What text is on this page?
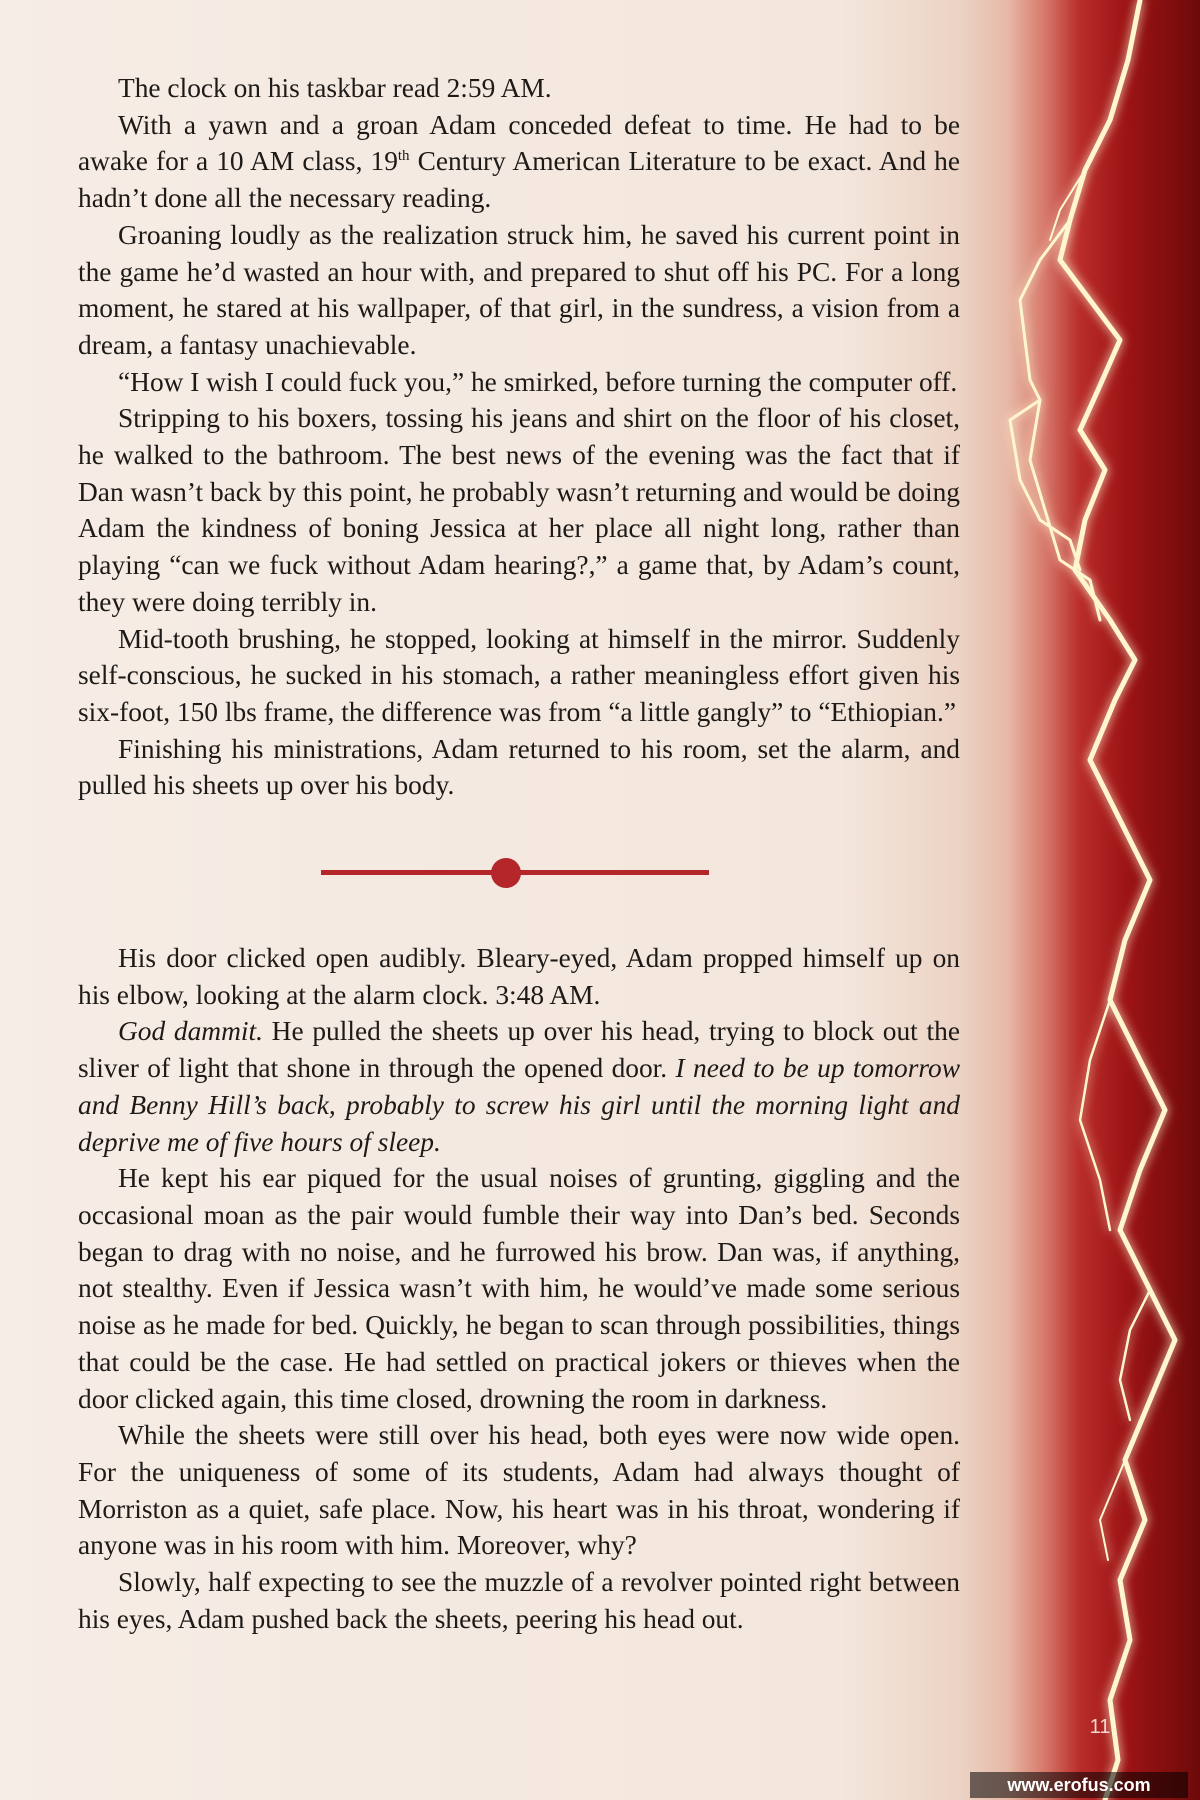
The clock on his taskbar read 2:59 AM.

With a yawn and a groan Adam conceded defeat to time. He had to be awake for a 10 AM class, 19th Century American Literature to be exact. And he hadn’t done all the necessary reading.

Groaning loudly as the realization struck him, he saved his current point in the game he’d wasted an hour with, and prepared to shut off his PC. For a long moment, he stared at his wallpaper, of that girl, in the sundress, a vision from a dream, a fantasy unachievable.

“How I wish I could fuck you,” he smirked, before turning the computer off.

Stripping to his boxers, tossing his jeans and shirt on the floor of his closet, he walked to the bathroom. The best news of the evening was the fact that if Dan wasn’t back by this point, he probably wasn’t returning and would be doing Adam the kindness of boning Jessica at her place all night long, rather than playing “can we fuck without Adam hearing?,” a game that, by Adam’s count, they were doing terribly in.

Mid-tooth brushing, he stopped, looking at himself in the mirror. Suddenly self-conscious, he sucked in his stomach, a rather meaningless effort given his six-foot, 150 lbs frame, the difference was from “a little gangly” to “Ethiopian.”

Finishing his ministrations, Adam returned to his room, set the alarm, and pulled his sheets up over his body.

His door clicked open audibly. Bleary-eyed, Adam propped himself up on his elbow, looking at the alarm clock. 3:48 AM.

God dammit. He pulled the sheets up over his head, trying to block out the sliver of light that shone in through the opened door. I need to be up tomorrow and Benny Hill’s back, probably to screw his girl until the morning light and deprive me of five hours of sleep.

He kept his ear piqued for the usual noises of grunting, giggling and the occasional moan as the pair would fumble their way into Dan’s bed. Seconds began to drag with no noise, and he furrowed his brow. Dan was, if anything, not stealthy. Even if Jessica wasn’t with him, he would’ve made some serious noise as he made for bed. Quickly, he began to scan through possibilities, things that could be the case. He had settled on practical jokers or thieves when the door clicked again, this time closed, drowning the room in darkness.

While the sheets were still over his head, both eyes were now wide open. For the uniqueness of some of its students, Adam had always thought of Morriston as a quiet, safe place. Now, his heart was in his throat, wondering if anyone was in his room with him. Moreover, why?

Slowly, half expecting to see the muzzle of a revolver pointed right between his eyes, Adam pushed back the sheets, peering his head out.

11
www.erofus.com
